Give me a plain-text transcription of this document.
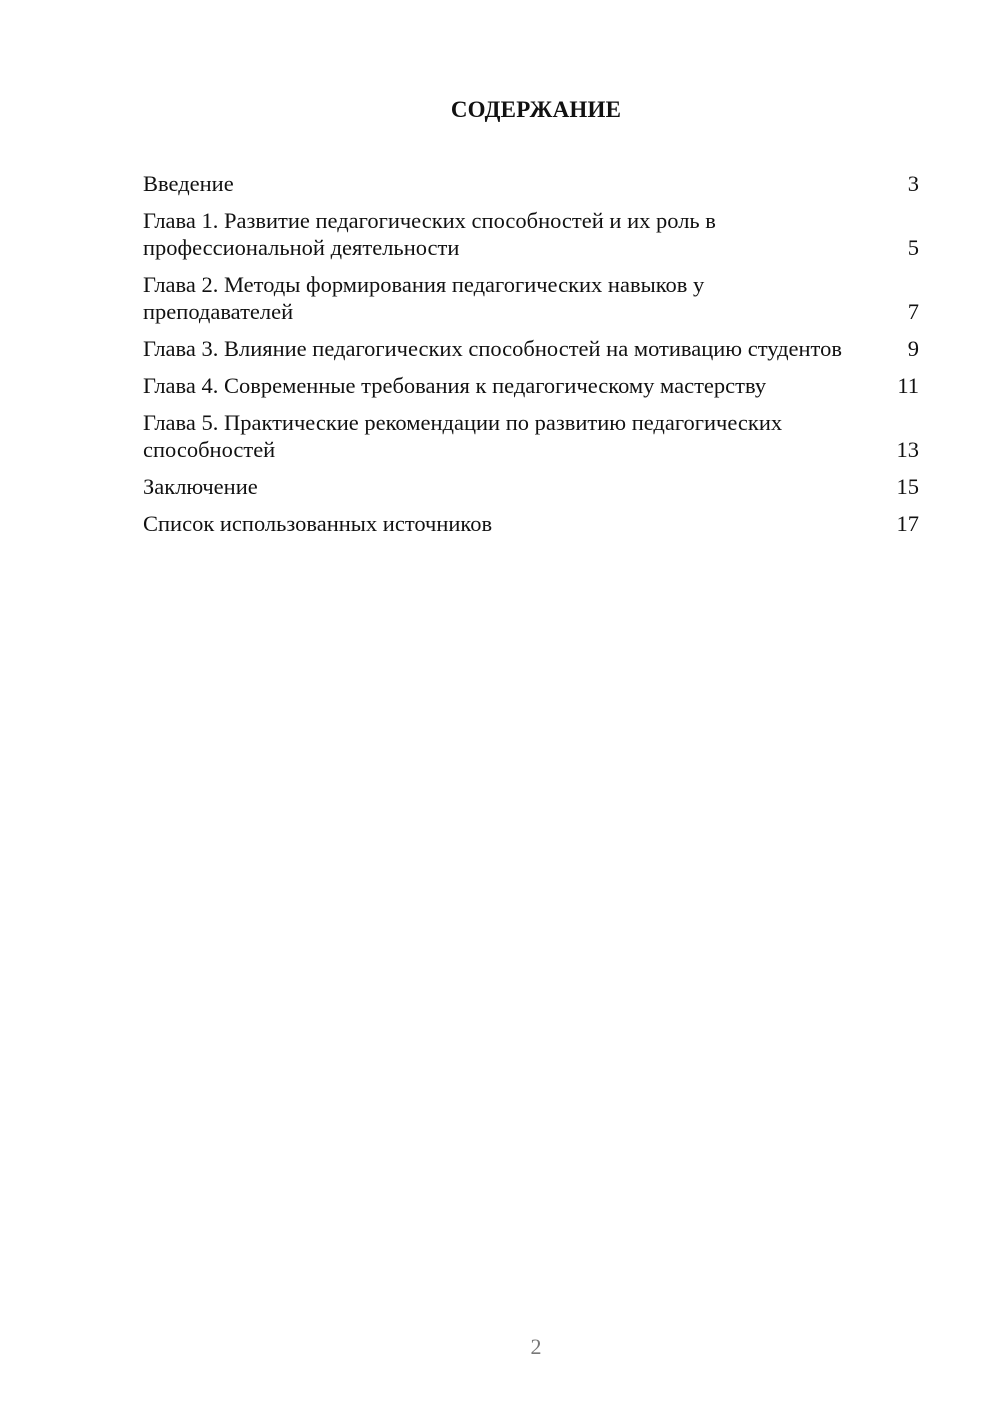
СОДЕРЖАНИЕ
Введение	3
Глава 1. Развитие педагогических способностей и их роль в профессиональной деятельности	5
Глава 2. Методы формирования педагогических навыков у преподавателей	7
Глава 3. Влияние педагогических способностей на мотивацию студентов	9
Глава 4. Современные требования к педагогическому мастерству	11
Глава 5. Практические рекомендации по развитию педагогических способностей	13
Заключение	15
Список использованных источников	17
2
